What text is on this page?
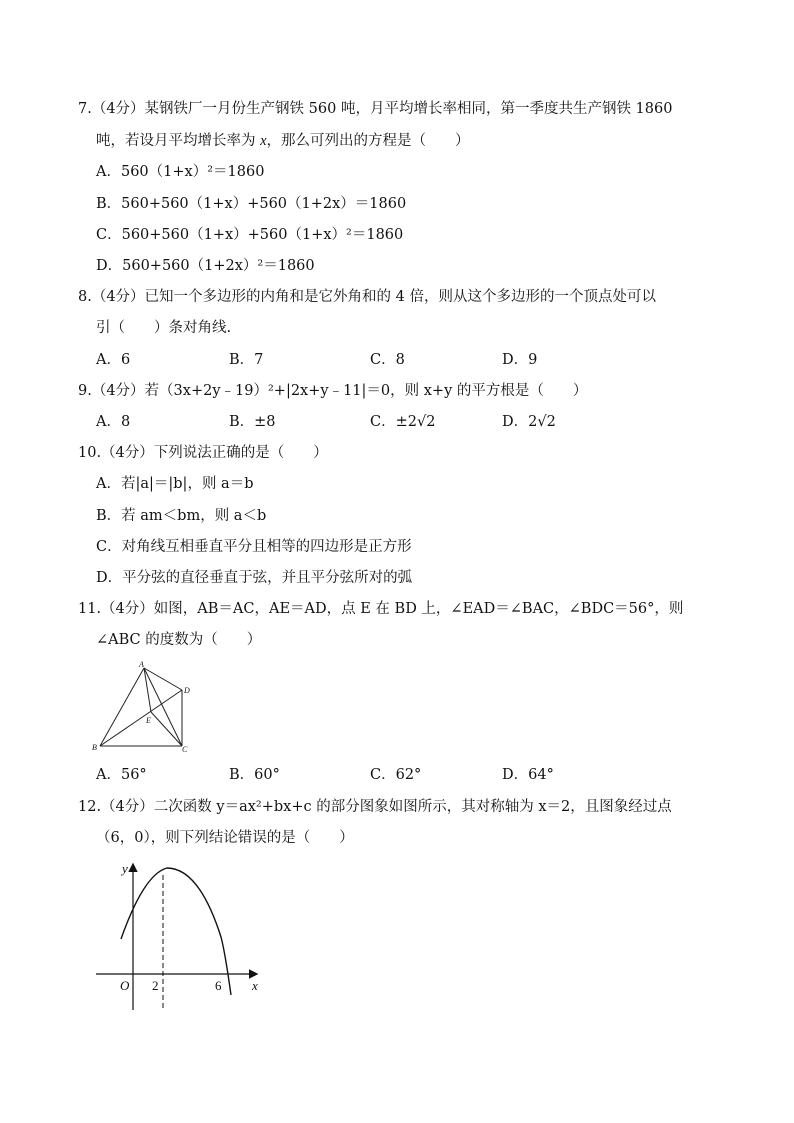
7.（4分）某钢铁厂一月份生产钢铁 560 吨，月平均增长率相同，第一季度共生产钢铁 1860
吨，若设月平均增长率为 x，那么可列出的方程是（　　）
A．560（1+x）²＝1860
B．560+560（1+x）+560（1+2x）＝1860
C．560+560（1+x）+560（1+x）²＝1860
D．560+560（1+2x）²＝1860
8.（4分）已知一个多边形的内角和是它外角和的 4 倍，则从这个多边形的一个顶点处可以
引（　　）条对角线.
A．6	B．7	C．8	D．9
9.（4分）若（3x+2y﹣19）²+|2x+y﹣11|＝0，则 x+y 的平方根是（　　）
A．8	B．±8	C．±2√2	D．2√2
10.（4分）下列说法正确的是（　　）
A．若|a|＝|b|，则 a＝b
B．若 am＜bm，则 a＜b
C．对角线互相垂直平分且相等的四边形是正方形
D．平分弦的直径垂直于弦，并且平分弦所对的弧
11.（4分）如图，AB＝AC，AE＝AD，点 E 在 BD 上，∠EAD＝∠BAC，∠BDC＝56°，则
∠ABC 的度数为（　　）
A
B	C
D
E
A．56°	B．60°	C．62°	D．64°
12.（4分）二次函数 y＝ax²+bx+c 的部分图象如图所示，其对称轴为 x＝2，且图象经过点
（6，0），则下列结论错误的是（　　）
y
x
O 2	6
